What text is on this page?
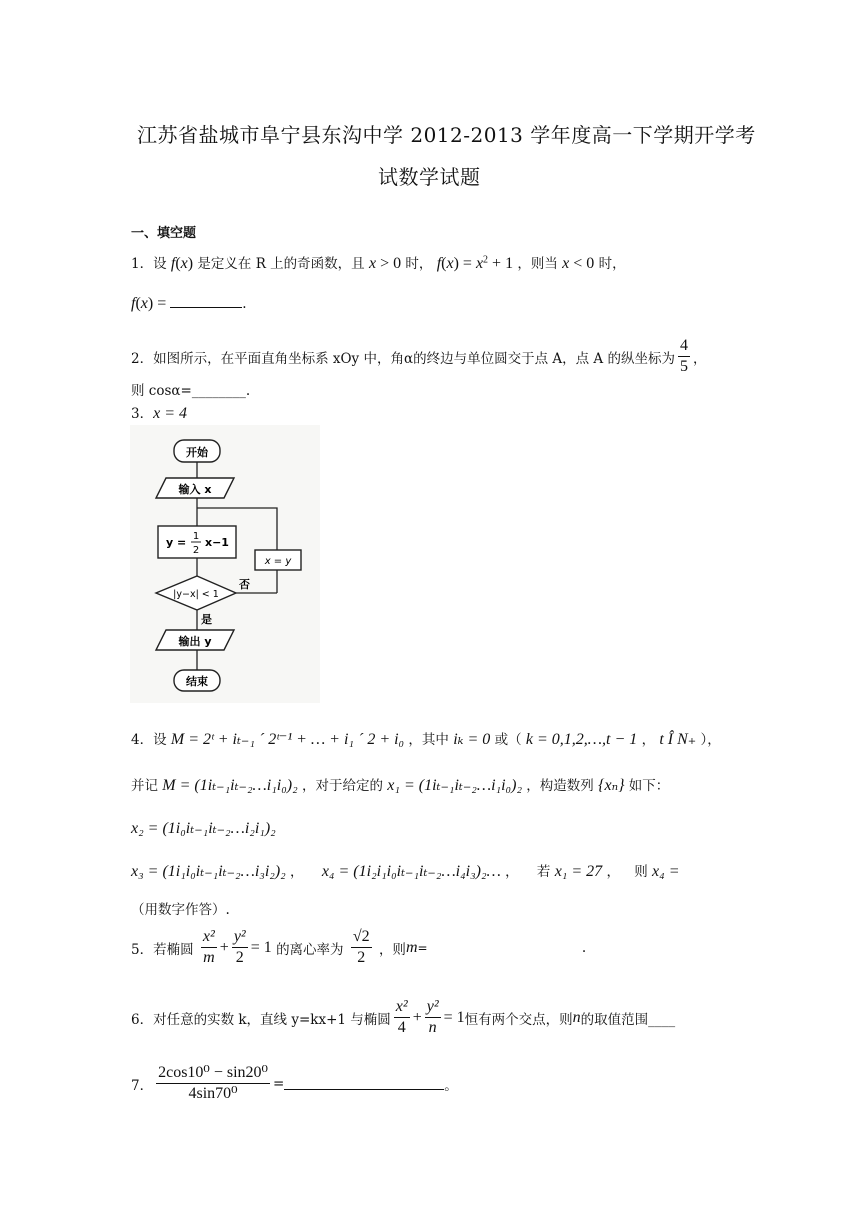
江苏省盐城市阜宁县东沟中学 2012-2013 学年度高一下学期开学考
试数学试题
一、填空题
1．设 f(x) 是定义在 R 上的奇函数，且 x > 0 时， $f(x) = x^2 + 1$ ，则当 x < 0 时，
f(x) =	.
2．如图所示，在平面直角坐标系 xOy 中，角α的终边与单位圆交于点 A，点 A 的纵坐标为 $\frac{4}{5}$ ，
则 cosα=________.
3．x = 4
开始
输入 x
y = 1
2
x−1
x = y
|y−x| < 1
否
是
输出 y
结束
4．设 M = 2ᵗ + iₜ₋₁ ´ 2ᵗ⁻¹ + … + i₁ ´ 2 + i₀ ，其中 iₖ = 0 或（ k = 0,1,2,…,t − 1 ， t Î N₊ ），
并记 M = (1iₜ₋₁iₜ₋₂…i₁i₀)₂ ，对于给定的 x₁ = (1iₜ₋₁iₜ₋₂…i₁i₀)₂ ，构造数列 {xₙ} 如下：
x₂ = (1i₀iₜ₋₁iₜ₋₂…i₂i₁)₂
x₃ = (1i₁i₀iₜ₋₁iₜ₋₂…i₃i₂)₂ ， x₄ = (1i₂i₁i₀iₜ₋₁iₜ₋₂…i₄i₃)₂… ， 若 x₁ = 27 ， 则 x₄ =
（用数字作答）.
5．若椭圆 $\frac{\text{x²}}{m} + \frac{\text{y²}}{2} = 1$ 的离心率为 $\frac{√2}{2}$ ，则m=	.
6．对任意的实数 k，直线 y=kx+1 与椭圆 $\frac{\text{x²}}{4} + \frac{\text{y²}}{n} = 1$恒有两个交点，则n的取值范围____
7． $\frac{\text{2cos10⁰ − sin20⁰}}{\text{4sin70⁰}}$ =	。
